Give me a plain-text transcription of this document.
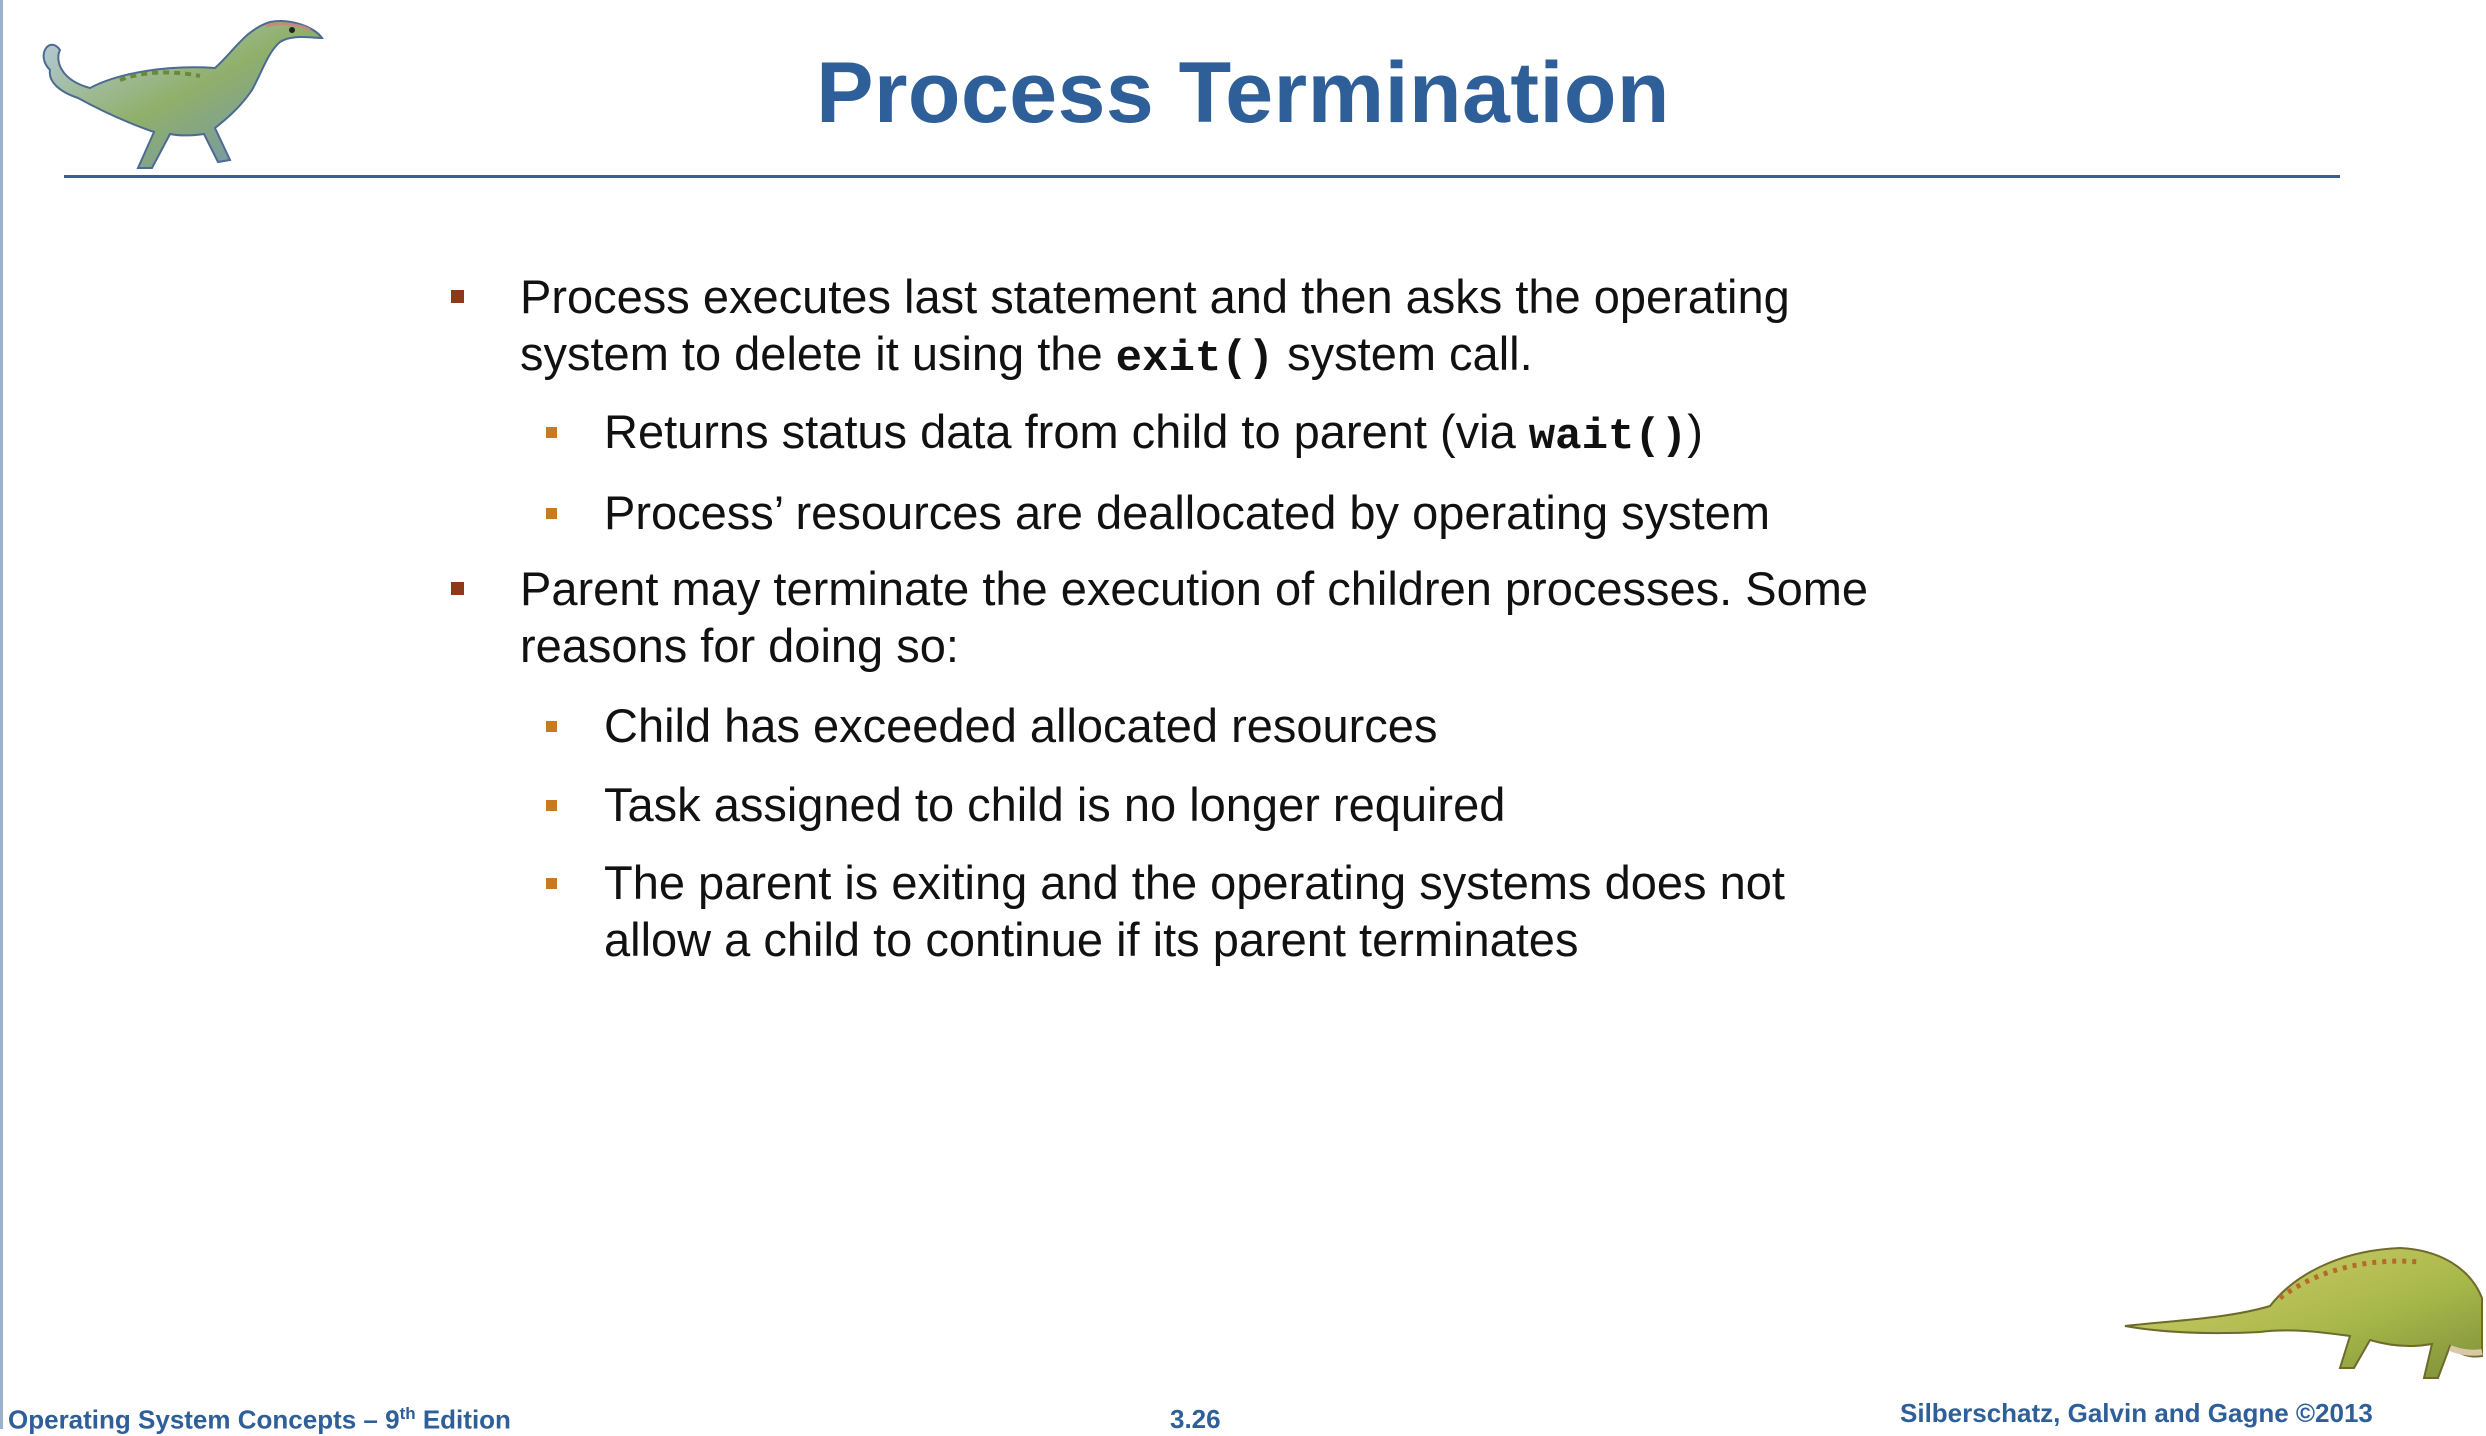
Process Termination
Process executes last statement and then asks the operating
system to delete it using the exit() system call.
Returns status data from child to parent (via wait())
Process’ resources are deallocated by operating system
Parent may terminate the execution of children processes. Some
reasons for doing so:
Child has exceeded allocated resources
Task assigned to child is no longer required
The parent is exiting and the operating systems does not
allow a child to continue if its parent terminates
Operating System Concepts – 9th Edition	3.26	Silberschatz, Galvin and Gagne ©2013
